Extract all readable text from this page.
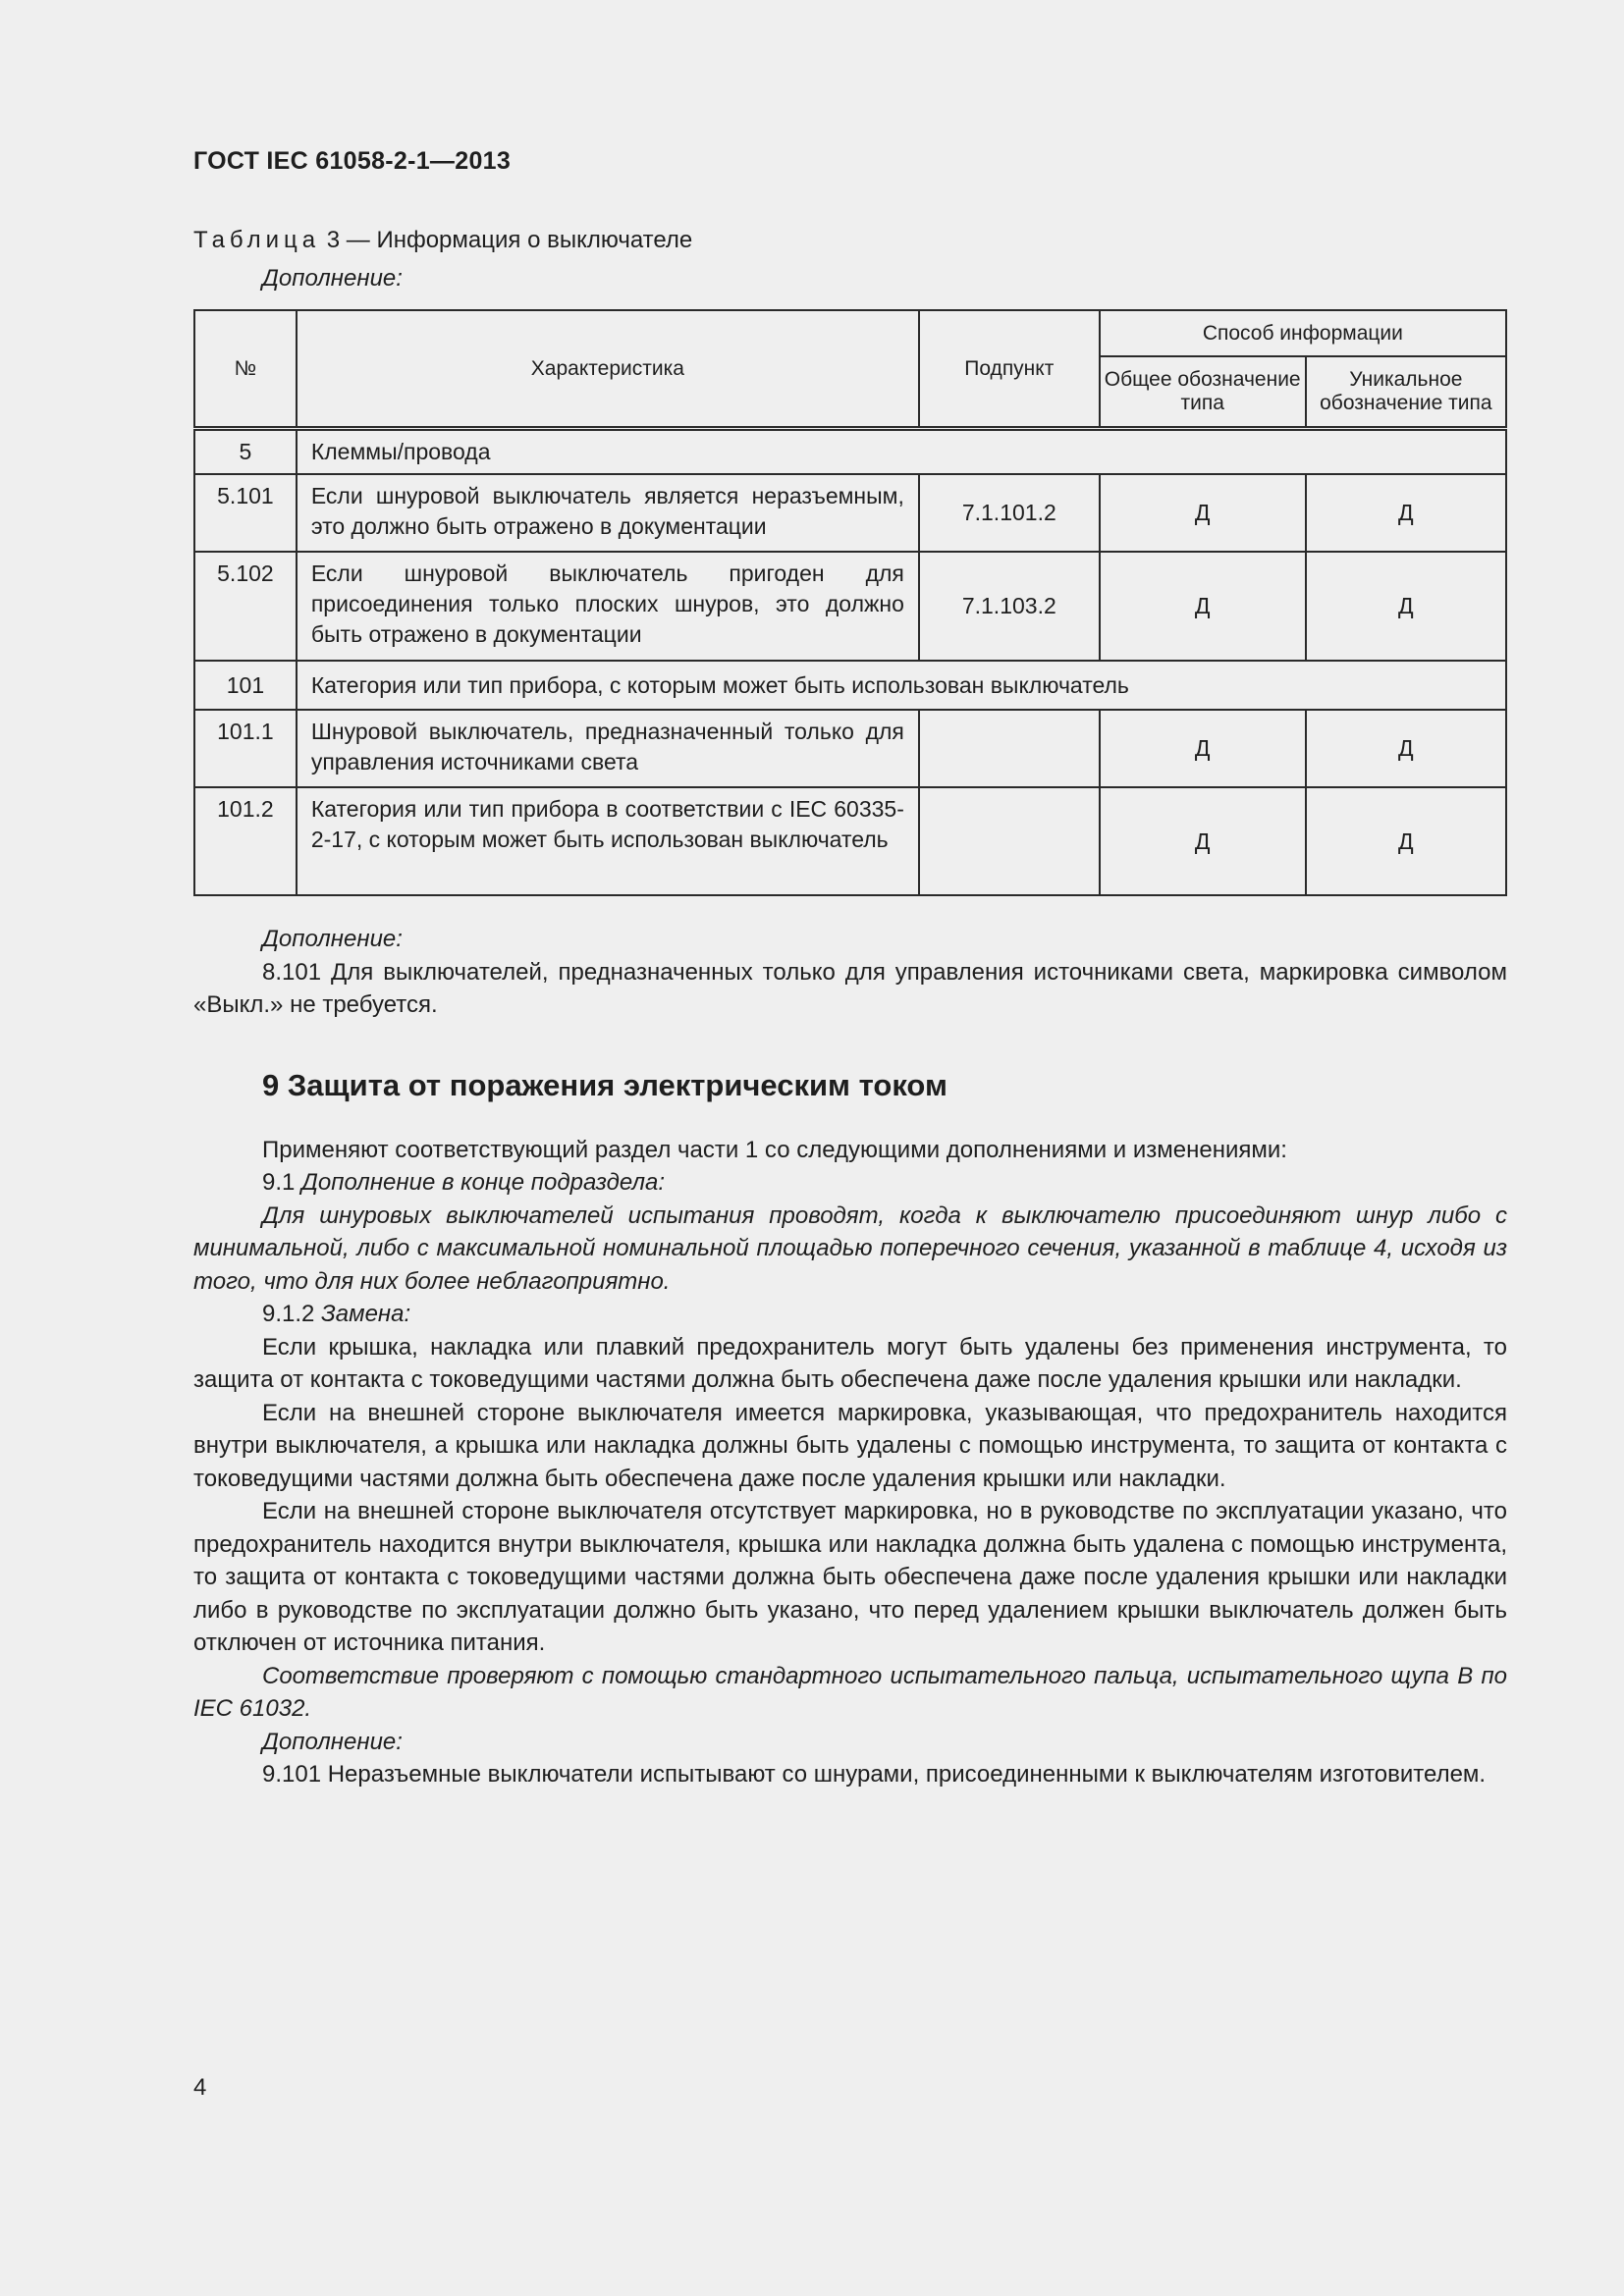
ГОСТ IEC 61058-2-1—2013
Таблица 3 — Информация о выключателе
Дополнение:
№	Характеристика	Подпункт	Способ информации	
			Общее обозначение типа	Уникальное обозначение типа
5	Клеммы/провода			
5.101	Если шнуровой выключатель является неразъемным, это должно быть отражено в документации	7.1.101.2	Д	Д
5.102	Если шнуровой выключатель пригоден для присоединения только плоских шнуров, это должно быть отражено в документации	7.1.103.2	Д	Д
101	Категория или тип прибора, с которым может быть использован выключатель			
101.1	Шнуровой выключатель, предназначенный только для управления источниками света		Д	Д
101.2	Категория или тип прибора в соответствии с IEC 60335-2-17, с которым может быть использован выключатель		Д	Д

Дополнение:

8.101 Для выключателей, предназначенных только для управления источниками света, маркировка символом «Выкл.» не требуется.

9 Защита от поражения электрическим током

Применяют соответствующий раздел части 1 со следующими дополнениями и изменениями:

9.1 Дополнение в конце подраздела:

Для шнуровых выключателей испытания проводят, когда к выключателю присоединяют шнур либо с минимальной, либо с максимальной номинальной площадью поперечного сечения, указанной в таблице 4, исходя из того, что для них более неблагоприятно.

9.1.2 Замена:

Если крышка, накладка или плавкий предохранитель могут быть удалены без применения инструмента, то защита от контакта с токоведущими частями должна быть обеспечена даже после удаления крышки или накладки.

Если на внешней стороне выключателя имеется маркировка, указывающая, что предохранитель находится внутри выключателя, а крышка или накладка должны быть удалены с помощью инструмента, то защита от контакта с токоведущими частями должна быть обеспечена даже после удаления крышки или накладки.

Если на внешней стороне выключателя отсутствует маркировка, но в руководстве по эксплуатации указано, что предохранитель находится внутри выключателя, крышка или накладка должна быть удалена с помощью инструмента, то защита от контакта с токоведущими частями должна быть обеспечена даже после удаления крышки или накладки либо в руководстве по эксплуатации должно быть указано, что перед удалением крышки выключатель должен быть отключен от источника питания.

Соответствие проверяют с помощью стандартного испытательного пальца, испытательного щупа B по IEC 61032.

Дополнение:

9.101 Неразъемные выключатели испытывают со шнурами, присоединенными к выключателям изготовителем.

4
